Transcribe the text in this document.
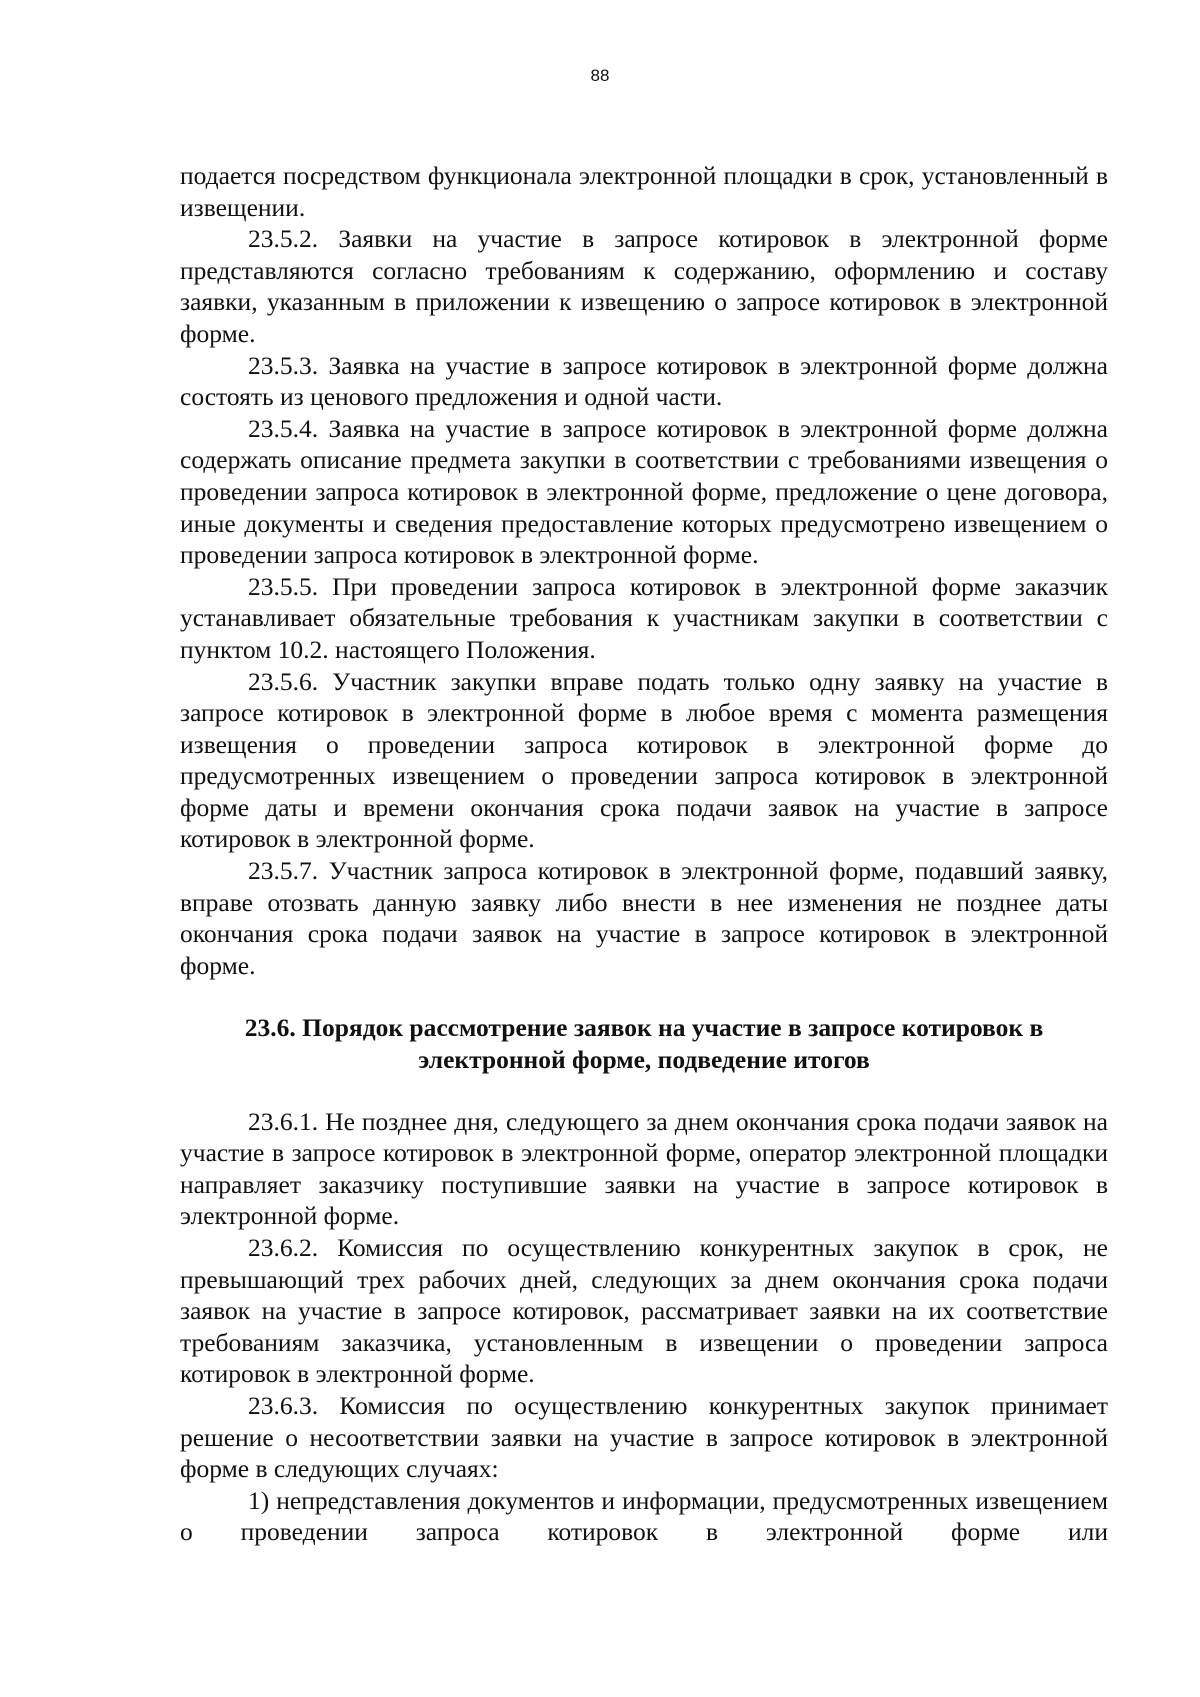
88

подается посредством функционала электронной площадки в срок, установленный в извещении.

23.5.2. Заявки на участие в запросе котировок в электронной форме представляются согласно требованиям к содержанию, оформлению и составу заявки, указанным в приложении к извещению о запросе котировок в электронной форме.

23.5.3. Заявка на участие в запросе котировок в электронной форме должна состоять из ценового предложения и одной части.

23.5.4. Заявка на участие в запросе котировок в электронной форме должна содержать описание предмета закупки в соответствии с требованиями извещения о проведении запроса котировок в электронной форме, предложение о цене договора, иные документы и сведения предоставление которых предусмотрено извещением о проведении запроса котировок в электронной форме.

23.5.5. При проведении запроса котировок в электронной форме заказчик устанавливает обязательные требования к участникам закупки в соответствии с пунктом 10.2. настоящего Положения.

23.5.6. Участник закупки вправе подать только одну заявку на участие в запросе котировок в электронной форме в любое время с момента размещения извещения о проведении запроса котировок в электронной форме до предусмотренных извещением о проведении запроса котировок в электронной форме даты и времени окончания срока подачи заявок на участие в запросе котировок в электронной форме.

23.5.7. Участник запроса котировок в электронной форме, подавший заявку, вправе отозвать данную заявку либо внести в нее изменения не позднее даты окончания срока подачи заявок на участие в запросе котировок в электронной форме.

23.6. Порядок рассмотрение заявок на участие в запросе котировок в электронной форме, подведение итогов

23.6.1. Не позднее дня, следующего за днем окончания срока подачи заявок на участие в запросе котировок в электронной форме, оператор электронной площадки направляет заказчику поступившие заявки на участие в запросе котировок в электронной форме.

23.6.2. Комиссия по осуществлению конкурентных закупок в срок, не превышающий трех рабочих дней, следующих за днем окончания срока подачи заявок на участие в запросе котировок, рассматривает заявки на их соответствие требованиям заказчика, установленным в извещении о проведении запроса котировок в электронной форме.

23.6.3. Комиссия по осуществлению конкурентных закупок принимает решение о несоответствии заявки на участие в запросе котировок в электронной форме в следующих случаях:

1) непредставления документов и информации, предусмотренных извещением о проведении запроса котировок в электронной форме или
